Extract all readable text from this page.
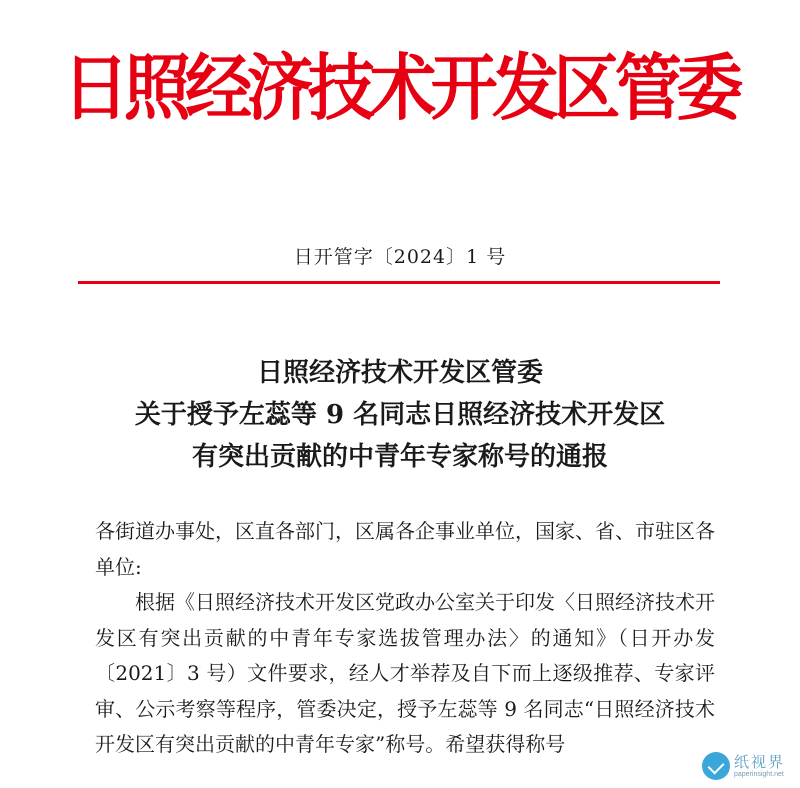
日照经济技术开发区管委
日开管字〔2024〕1 号
日照经济技术开发区管委
关于授予左蕊等 9 名同志日照经济技术开发区
有突出贡献的中青年专家称号的通报

各街道办事处，区直各部门，区属各企事业单位，国家、省、市驻区各单位:

根据《日照经济技术开发区党政办公室关于印发〈日照经济技术开发区有突出贡献的中青年专家选拔管理办法〉的通知》（日开办发〔2021〕3 号）文件要求，经人才举荐及自下而上逐级推荐、专家评审、公示考察等程序，管委决定，授予左蕊等 9 名同志“日照经济技术开发区有突出贡献的中青年专家”称号。希望获得称号

纸视界
paperinsight.net
